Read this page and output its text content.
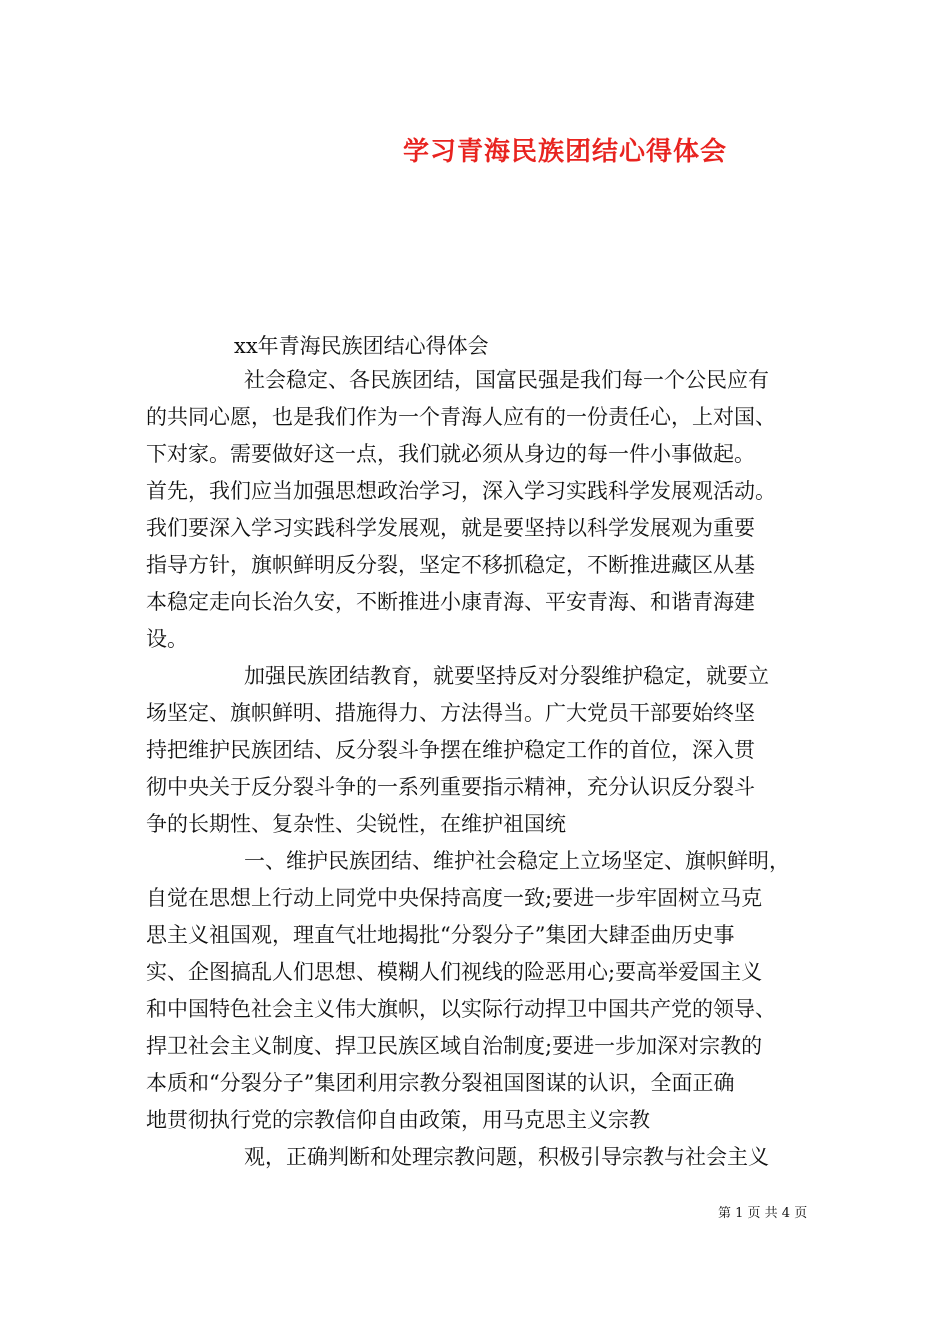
学习青海民族团结心得体会
xx年青海民族团结心得体会
社会稳定、各民族团结，国富民强是我们每一个公民应有
的共同心愿，也是我们作为一个青海人应有的一份责任心，上对国、
下对家。需要做好这一点，我们就必须从身边的每一件小事做起。
首先，我们应当加强思想政治学习，深入学习实践科学发展观活动。
我们要深入学习实践科学发展观，就是要坚持以科学发展观为重要
指导方针，旗帜鲜明反分裂，坚定不移抓稳定，不断推进藏区从基
本稳定走向长治久安，不断推进小康青海、平安青海、和谐青海建
设。
加强民族团结教育，就要坚持反对分裂维护稳定，就要立
场坚定、旗帜鲜明、措施得力、方法得当。广大党员干部要始终坚
持把维护民族团结、反分裂斗争摆在维护稳定工作的首位，深入贯
彻中央关于反分裂斗争的一系列重要指示精神，充分认识反分裂斗
争的长期性、复杂性、尖锐性，在维护祖国统
一、维护民族团结、维护社会稳定上立场坚定、旗帜鲜明，
自觉在思想上行动上同党中央保持高度一致;要进一步牢固树立马克
思主义祖国观，理直气壮地揭批“分裂分子”集团大肆歪曲历史事
实、企图搞乱人们思想、模糊人们视线的险恶用心;要高举爱国主义
和中国特色社会主义伟大旗帜，以实际行动捍卫中国共产党的领导、
捍卫社会主义制度、捍卫民族区域自治制度;要进一步加深对宗教的
本质和“分裂分子”集团利用宗教分裂祖国图谋的认识，全面正确
地贯彻执行党的宗教信仰自由政策，用马克思主义宗教
观，正确判断和处理宗教问题，积极引导宗教与社会主义
第 1 页 共 4 页
